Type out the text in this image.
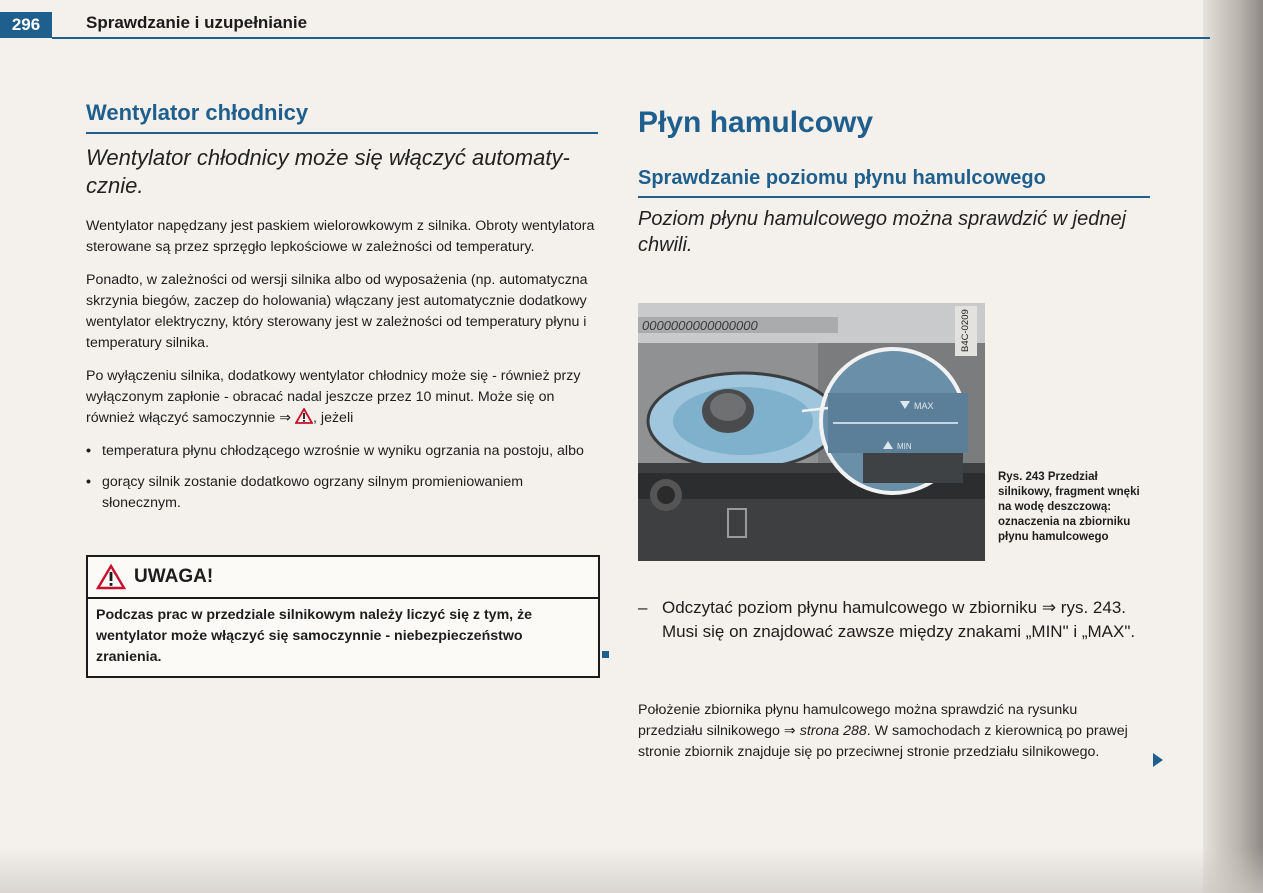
296	Sprawdzanie i uzupełnianie
Wentylator chłodnicy

Wentylator chłodnicy może się włączyć automatycznie.

Wentylator napędzany jest paskiem wielorowkowym z silnika. Obroty wentylatora sterowane są przez sprzęgło lepkościowe w zależności od temperatury.

Ponadto, w zależności od wersji silnika albo od wyposażenia (np. automatyczna skrzynia biegów, zaczep do holowania) włączany jest automatycznie dodatkowy wentylator elektryczny, który sterowany jest w zależności od temperatury płynu i temperatury silnika.

Po wyłączeniu silnika, dodatkowy wentylator chłodnicy może się - również przy wyłączonym zapłonie - obracać nadal jeszcze przez 10 minut. Może się on również włączyć samoczynnie ⇒ , jeżeli

• temperatura płynu chłodzącego wzrośnie w wyniku ogrzania na postoju, albo

• gorący silnik zostanie dodatkowo ogrzany silnym promieniowaniem słonecznym.

UWAGA!
Podczas prac w przedziale silnikowym należy liczyć się z tym, że wentylator może włączyć się samoczynnie - niebezpieczeństwo zranienia.
Płyn hamulcowy
Sprawdzanie poziomu płynu hamulcowego

Poziom płynu hamulcowego można sprawdzić w jednej chwili.

0000000000000000
MAX
MIN
B4C-0209
Rys. 243 Przedział silnikowy, fragment wnęki na wodę deszczową: oznaczenia na zbiorniku płynu hamulcowego
– Odczytać poziom płynu hamulcowego w zbiorniku ⇒ rys. 243. Musi się on znajdować zawsze między znakami „MIN" i „MAX".

Położenie zbiornika płynu hamulcowego można sprawdzić na rysunku przedziału silnikowego ⇒ strona 288. W samochodach z kierownicą po prawej stronie zbiornik znajduje się po przeciwnej stronie przedziału silnikowego.
